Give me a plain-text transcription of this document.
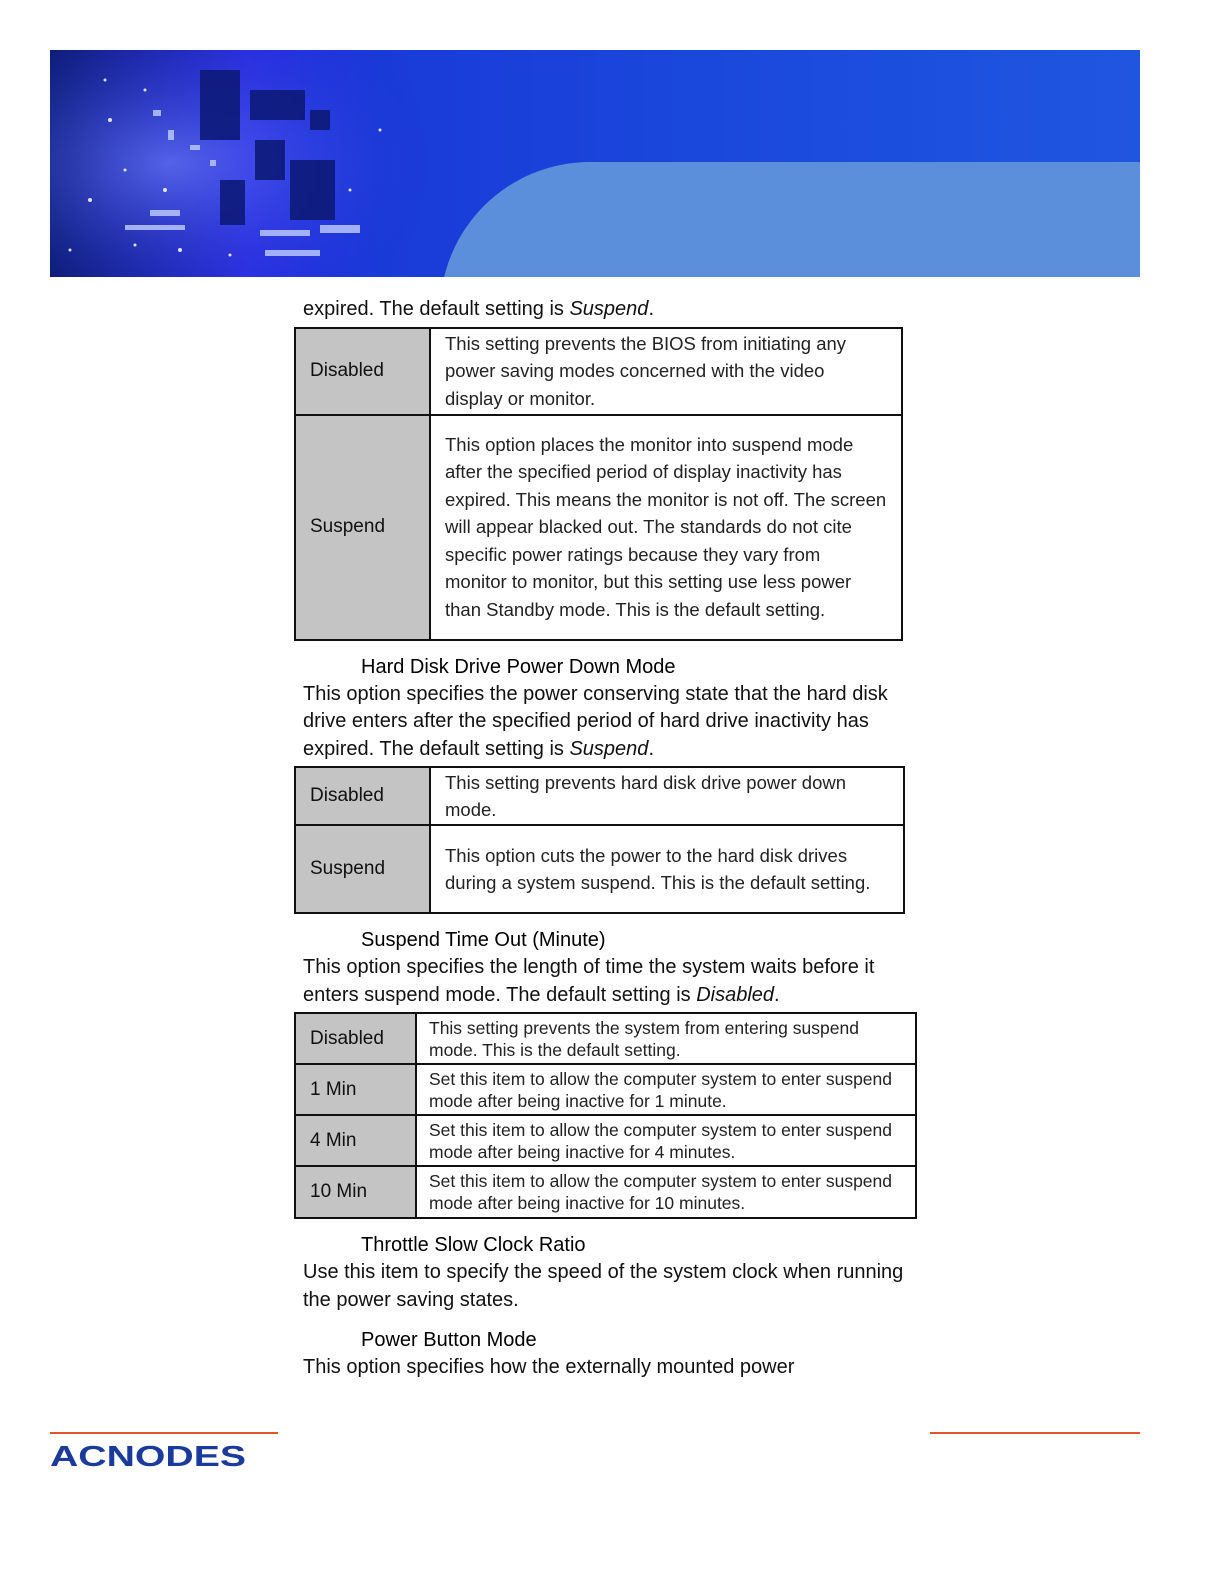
expired. The default setting is Suspend.

Disabled	This setting prevents the BIOS from initiating any power saving modes concerned with the video display or monitor.
Suspend	This option places the monitor into suspend mode after the specified period of display inactivity has expired. This means the monitor is not off. The screen will appear blacked out. The standards do not cite specific power ratings because they vary from monitor to monitor, but this setting use less power than Standby mode. This is the default setting.
Hard Disk Drive Power Down Mode

This option specifies the power conserving state that the hard disk drive enters after the specified period of hard drive inactivity has expired. The default setting is Suspend.

Disabled	This setting prevents hard disk drive power down mode.
Suspend	This option cuts the power to the hard disk drives during a system suspend. This is the default setting.
Suspend Time Out (Minute)

This option specifies the length of time the system waits before it enters suspend mode. The default setting is Disabled.

Disabled	This setting prevents the system from entering suspend mode. This is the default setting.
1 Min	Set this item to allow the computer system to enter suspend mode after being inactive for 1 minute.
4 Min	Set this item to allow the computer system to enter suspend mode after being inactive for 4 minutes.
10 Min	Set this item to allow the computer system to enter suspend mode after being inactive for 10 minutes.
Throttle Slow Clock Ratio

Use this item to specify the speed of the system clock when running the power saving states.

Power Button Mode

This option specifies how the externally mounted power

ACNODES
